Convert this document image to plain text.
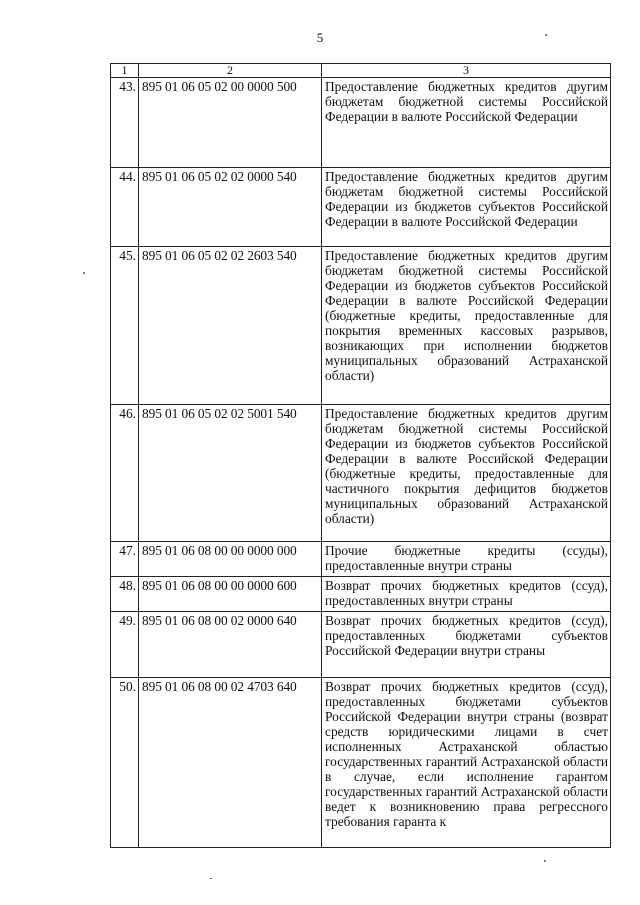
5
1	2	3
43.	895 01 06 05 02 00 0000 500	Предоставление бюджетных кредитов другим бюджетам бюджетной системы Российской Федерации в валюте Российской Федерации
44.	895 01 06 05 02 02 0000 540	Предоставление бюджетных кредитов другим бюджетам бюджетной системы Российской Федерации из бюджетов субъектов Российской Федерации в валюте Российской Федерации
45.	895 01 06 05 02 02 2603 540	Предоставление бюджетных кредитов другим бюджетам бюджетной системы Российской Федерации из бюджетов субъектов Российской Федерации в валюте Российской Федерации (бюджетные кредиты, предоставленные для покрытия временных кассовых разрывов, возникающих при исполнении бюджетов муниципальных образований Астраханской области)
46.	895 01 06 05 02 02 5001 540	Предоставление бюджетных кредитов другим бюджетам бюджетной системы Российской Федерации из бюджетов субъектов Российской Федерации в валюте Российской Федерации (бюджетные кредиты, предоставленные для частичного покрытия дефицитов бюджетов муниципальных образований Астраханской области)
47.	895 01 06 08 00 00 0000 000	Прочие бюджетные кредиты (ссуды), предоставленные внутри страны
48.	895 01 06 08 00 00 0000 600	Возврат прочих бюджетных кредитов (ссуд), предоставленных внутри страны
49.	895 01 06 08 00 02 0000 640	Возврат прочих бюджетных кредитов (ссуд), предоставленных бюджетами субъектов Российской Федерации внутри страны
50.	895 01 06 08 00 02 4703 640	Возврат прочих бюджетных кредитов (ссуд), предоставленных бюджетами субъектов Российской Федерации внутри страны (возврат средств юридическими лицами в счет исполненных Астраханской областью государственных гарантий Астраханской области в случае, если исполнение гарантом государственных гарантий Астраханской области ведет к возникновению права регрессного требования гаранта к
